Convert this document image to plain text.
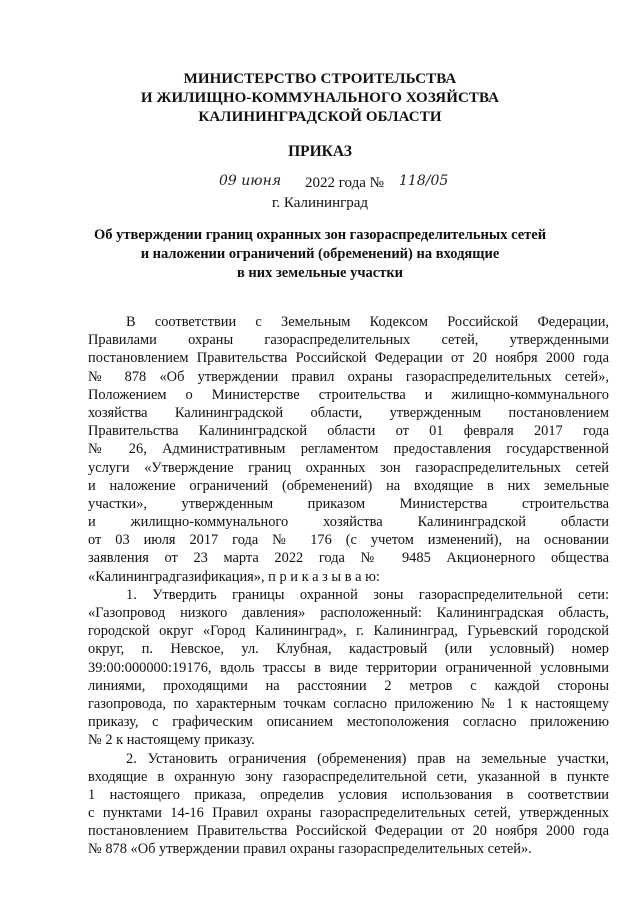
МИНИСТЕРСТВО СТРОИТЕЛЬСТВА
И ЖИЛИЩНО-КОММУНАЛЬНОГО ХОЗЯЙСТВА
КАЛИНИНГРАДСКОЙ ОБЛАСТИ
ПРИКАЗ
09 июня 2022 года № 118/05
г. Калининград
Об утверждении границ охранных зон газораспределительных сетей
и наложении ограничений (обременений) на входящие
в них земельные участки
В соответствии с Земельным Кодексом Российской Федерации,
Правилами охраны газораспределительных сетей, утвержденными
постановлением Правительства Российской Федерации от 20 ноября 2000 года
№ 878 «Об утверждении правил охраны газораспределительных сетей»,
Положением о Министерстве строительства и жилищно-коммунального
хозяйства Калининградской области, утвержденным постановлением
Правительства Калининградской области от 01 февраля 2017 года
№ 26, Административным регламентом предоставления государственной
услуги «Утверждение границ охранных зон газораспределительных сетей
и наложение ограничений (обременений) на входящие в них земельные
участки», утвержденным приказом Министерства строительства
и жилищно-коммунального хозяйства Калининградской области
от 03 июля 2017 года № 176 (с учетом изменений), на основании
заявления от 23 марта 2022 года № 9485 Акционерного общества
«Калининградгазификация», п р и к а з ы в а ю:
1. Утвердить границы охранной зоны газораспределительной сети:
«Газопровод низкого давления» расположенный: Калининградская область,
городской округ «Город Калининград», г. Калининград, Гурьевский городской
округ, п. Невское, ул. Клубная, кадастровый (или условный) номер
39:00:000000:19176, вдоль трассы в виде территории ограниченной условными
линиями, проходящими на расстоянии 2 метров с каждой стороны
газопровода, по характерным точкам согласно приложению № 1 к настоящему
приказу, с графическим описанием местоположения согласно приложению
№ 2 к настоящему приказу.
2. Установить ограничения (обременения) прав на земельные участки,
входящие в охранную зону газораспределительной сети, указанной в пункте
1 настоящего приказа, определив условия использования в соответствии
с пунктами 14-16 Правил охраны газораспределительных сетей, утвержденных
постановлением Правительства Российской Федерации от 20 ноября 2000 года
№ 878 «Об утверждении правил охраны газораспределительных сетей».
